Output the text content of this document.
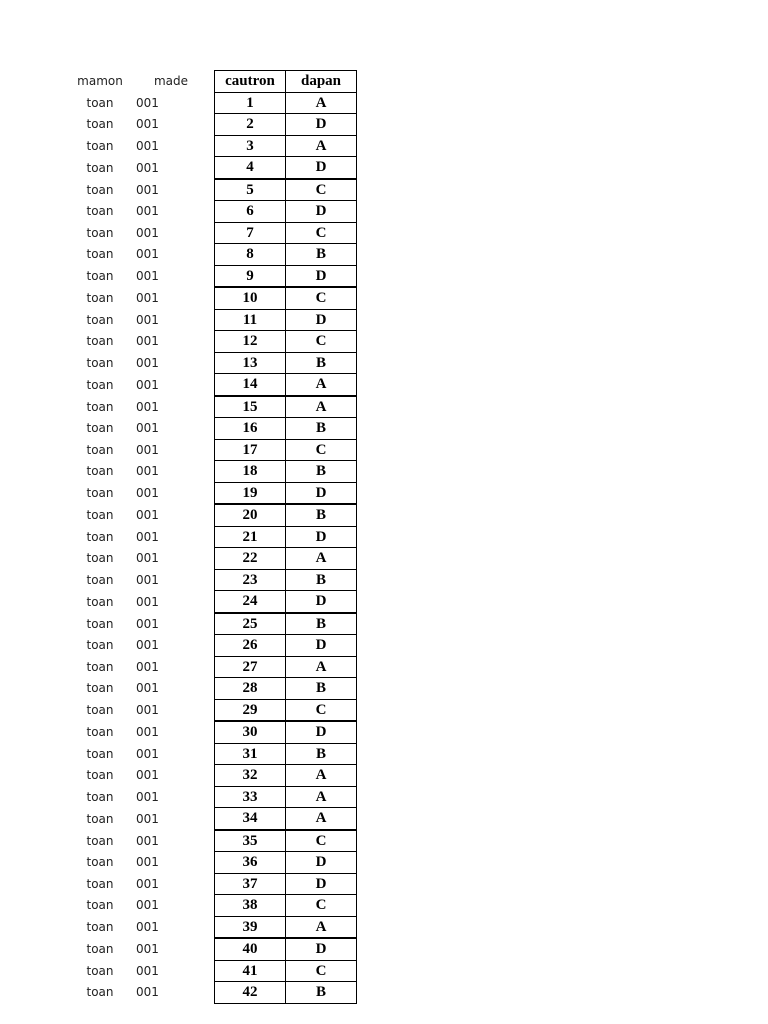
mamon	made	cautron	dapan
toan	001	1	A
toan	001	2	D
toan	001	3	A
toan	001	4	D
toan	001	5	C
toan	001	6	D
toan	001	7	C
toan	001	8	B
toan	001	9	D
toan	001	10	C
toan	001	11	D
toan	001	12	C
toan	001	13	B
toan	001	14	A
toan	001	15	A
toan	001	16	B
toan	001	17	C
toan	001	18	B
toan	001	19	D
toan	001	20	B
toan	001	21	D
toan	001	22	A
toan	001	23	B
toan	001	24	D
toan	001	25	B
toan	001	26	D
toan	001	27	A
toan	001	28	B
toan	001	29	C
toan	001	30	D
toan	001	31	B
toan	001	32	A
toan	001	33	A
toan	001	34	A
toan	001	35	C
toan	001	36	D
toan	001	37	D
toan	001	38	C
toan	001	39	A
toan	001	40	D
toan	001	41	C
toan	001	42	B
